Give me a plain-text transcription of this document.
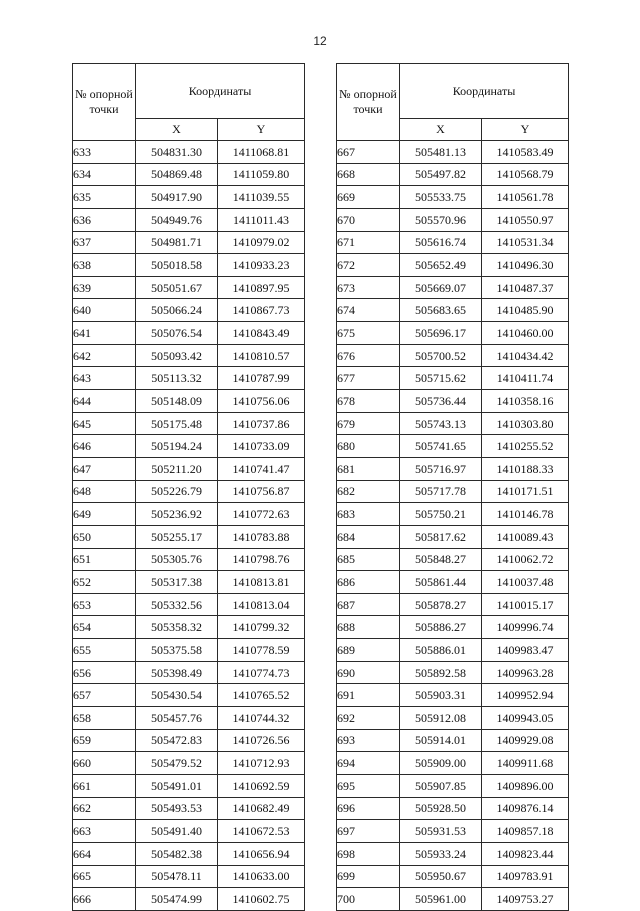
12
№ опорной точки	Координаты	
	X	Y
633	504831.30	1411068.81
634	504869.48	1411059.80
635	504917.90	1411039.55
636	504949.76	1411011.43
637	504981.71	1410979.02
638	505018.58	1410933.23
639	505051.67	1410897.95
640	505066.24	1410867.73
641	505076.54	1410843.49
642	505093.42	1410810.57
643	505113.32	1410787.99
644	505148.09	1410756.06
645	505175.48	1410737.86
646	505194.24	1410733.09
647	505211.20	1410741.47
648	505226.79	1410756.87
649	505236.92	1410772.63
650	505255.17	1410783.88
651	505305.76	1410798.76
652	505317.38	1410813.81
653	505332.56	1410813.04
654	505358.32	1410799.32
655	505375.58	1410778.59
656	505398.49	1410774.73
657	505430.54	1410765.52
658	505457.76	1410744.32
659	505472.83	1410726.56
660	505479.52	1410712.93
661	505491.01	1410692.59
662	505493.53	1410682.49
663	505491.40	1410672.53
664	505482.38	1410656.94
665	505478.11	1410633.00
666	505474.99	1410602.75
№ опорной точки	Координаты	
	X	Y
667	505481.13	1410583.49
668	505497.82	1410568.79
669	505533.75	1410561.78
670	505570.96	1410550.97
671	505616.74	1410531.34
672	505652.49	1410496.30
673	505669.07	1410487.37
674	505683.65	1410485.90
675	505696.17	1410460.00
676	505700.52	1410434.42
677	505715.62	1410411.74
678	505736.44	1410358.16
679	505743.13	1410303.80
680	505741.65	1410255.52
681	505716.97	1410188.33
682	505717.78	1410171.51
683	505750.21	1410146.78
684	505817.62	1410089.43
685	505848.27	1410062.72
686	505861.44	1410037.48
687	505878.27	1410015.17
688	505886.27	1409996.74
689	505886.01	1409983.47
690	505892.58	1409963.28
691	505903.31	1409952.94
692	505912.08	1409943.05
693	505914.01	1409929.08
694	505909.00	1409911.68
695	505907.85	1409896.00
696	505928.50	1409876.14
697	505931.53	1409857.18
698	505933.24	1409823.44
699	505950.67	1409783.91
700	505961.00	1409753.27
